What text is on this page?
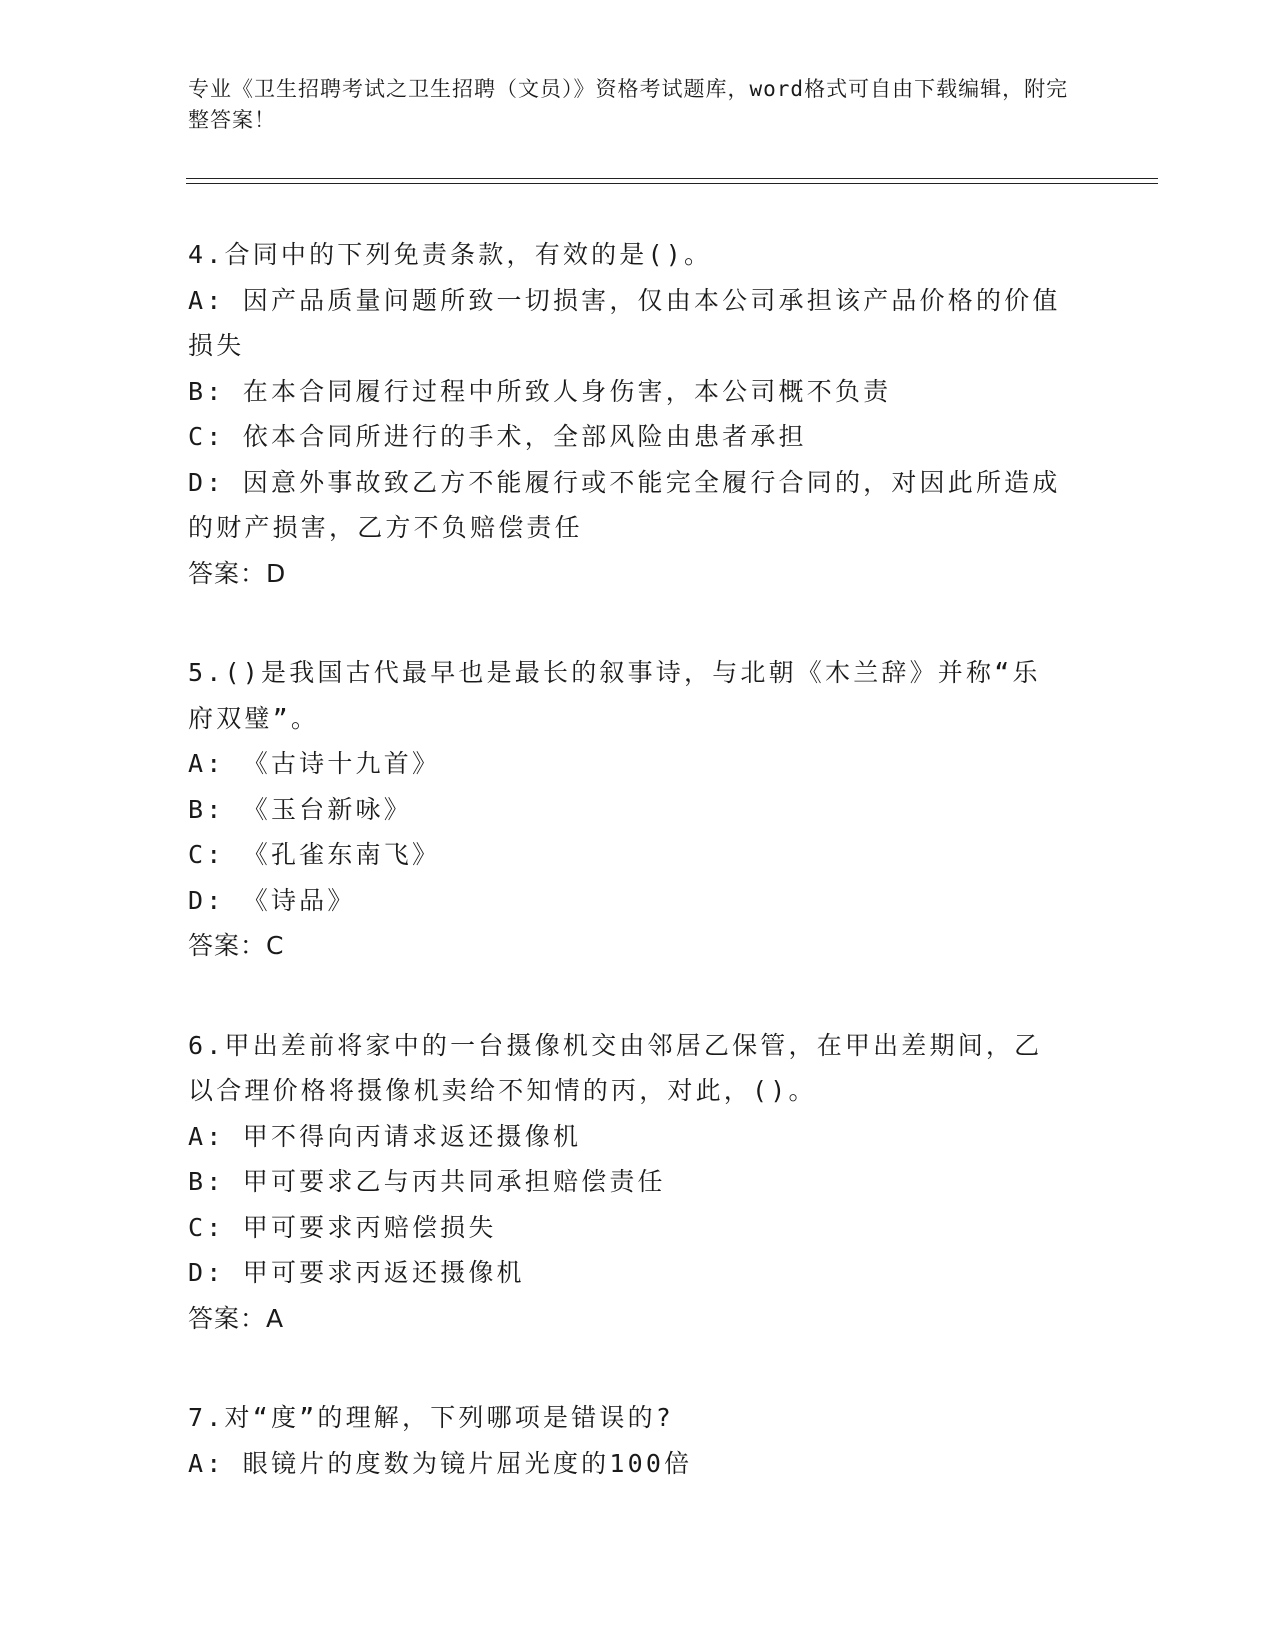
专业《卫生招聘考试之卫生招聘（文员）》资格考试题库，word格式可自由下载编辑，附完整答案！
4.合同中的下列免责条款，有效的是()。
A: 因产品质量问题所致一切损害，仅由本公司承担该产品价格的价值损失
B: 在本合同履行过程中所致人身伤害，本公司概不负责
C: 依本合同所进行的手术，全部风险由患者承担
D: 因意外事故致乙方不能履行或不能完全履行合同的，对因此所造成的财产损害，乙方不负赔偿责任
答案：D
5.()是我国古代最早也是最长的叙事诗，与北朝《木兰辞》并称“乐府双璧”。
A: 《古诗十九首》
B: 《玉台新咏》
C: 《孔雀东南飞》
D: 《诗品》
答案：C
6.甲出差前将家中的一台摄像机交由邻居乙保管，在甲出差期间，乙以合理价格将摄像机卖给不知情的丙，对此，()。
A: 甲不得向丙请求返还摄像机
B: 甲可要求乙与丙共同承担赔偿责任
C: 甲可要求丙赔偿损失
D: 甲可要求丙返还摄像机
答案：A
7.对“度”的理解，下列哪项是错误的?
A: 眼镜片的度数为镜片屈光度的100倍
